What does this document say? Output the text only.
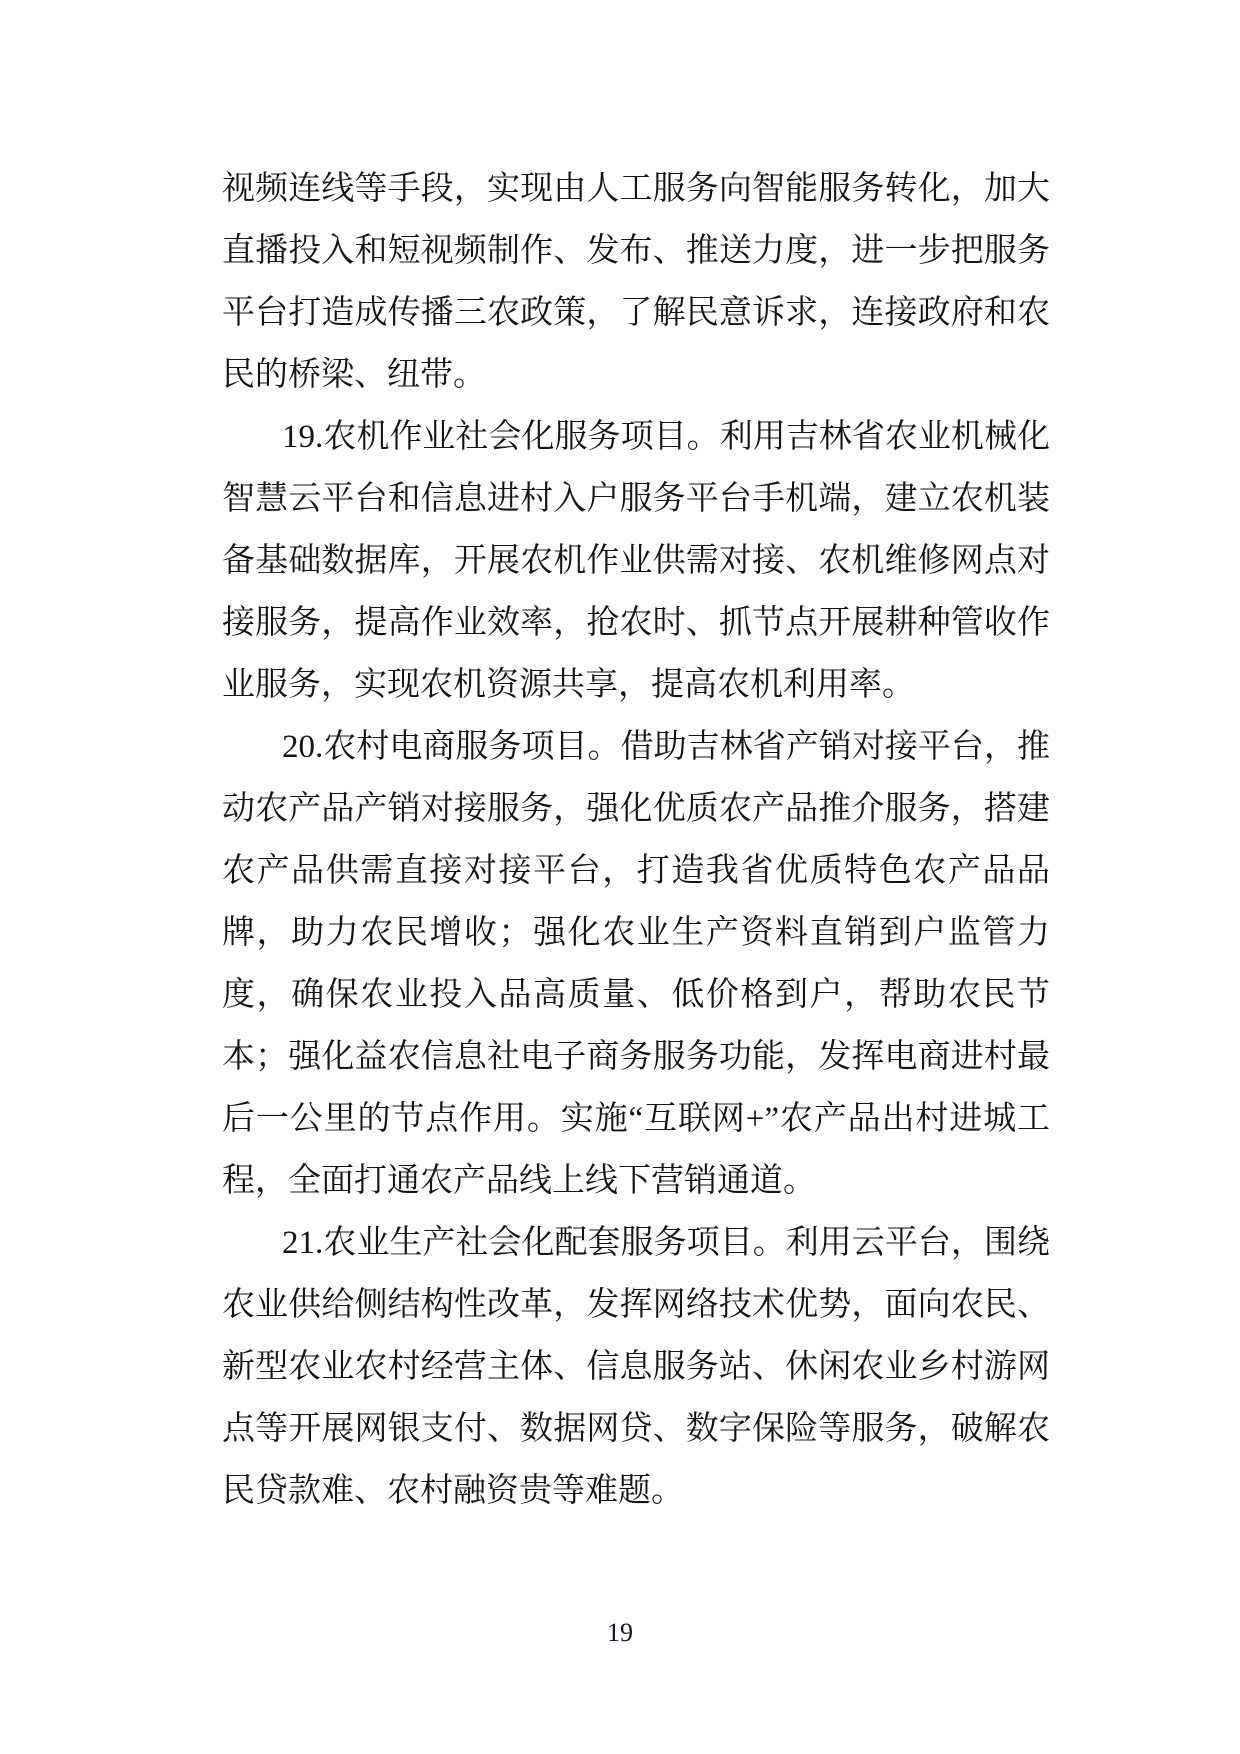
视频连线等手段，实现由人工服务向智能服务转化，加大直播投入和短视频制作、发布、推送力度，进一步把服务平台打造成传播三农政策，了解民意诉求，连接政府和农民的桥梁、纽带。

19.农机作业社会化服务项目。利用吉林省农业机械化智慧云平台和信息进村入户服务平台手机端，建立农机装备基础数据库，开展农机作业供需对接、农机维修网点对接服务，提高作业效率，抢农时、抓节点开展耕种管收作业服务，实现农机资源共享，提高农机利用率。

20.农村电商服务项目。借助吉林省产销对接平台，推动农产品产销对接服务，强化优质农产品推介服务，搭建农产品供需直接对接平台，打造我省优质特色农产品品牌，助力农民增收；强化农业生产资料直销到户监管力度，确保农业投入品高质量、低价格到户，帮助农民节本；强化益农信息社电子商务服务功能，发挥电商进村最后一公里的节点作用。实施“互联网+”农产品出村进城工程，全面打通农产品线上线下营销通道。

21.农业生产社会化配套服务项目。利用云平台，围绕农业供给侧结构性改革，发挥网络技术优势，面向农民、新型农业农村经营主体、信息服务站、休闲农业乡村游网点等开展网银支付、数据网贷、数字保险等服务，破解农民贷款难、农村融资贵等难题。

19
